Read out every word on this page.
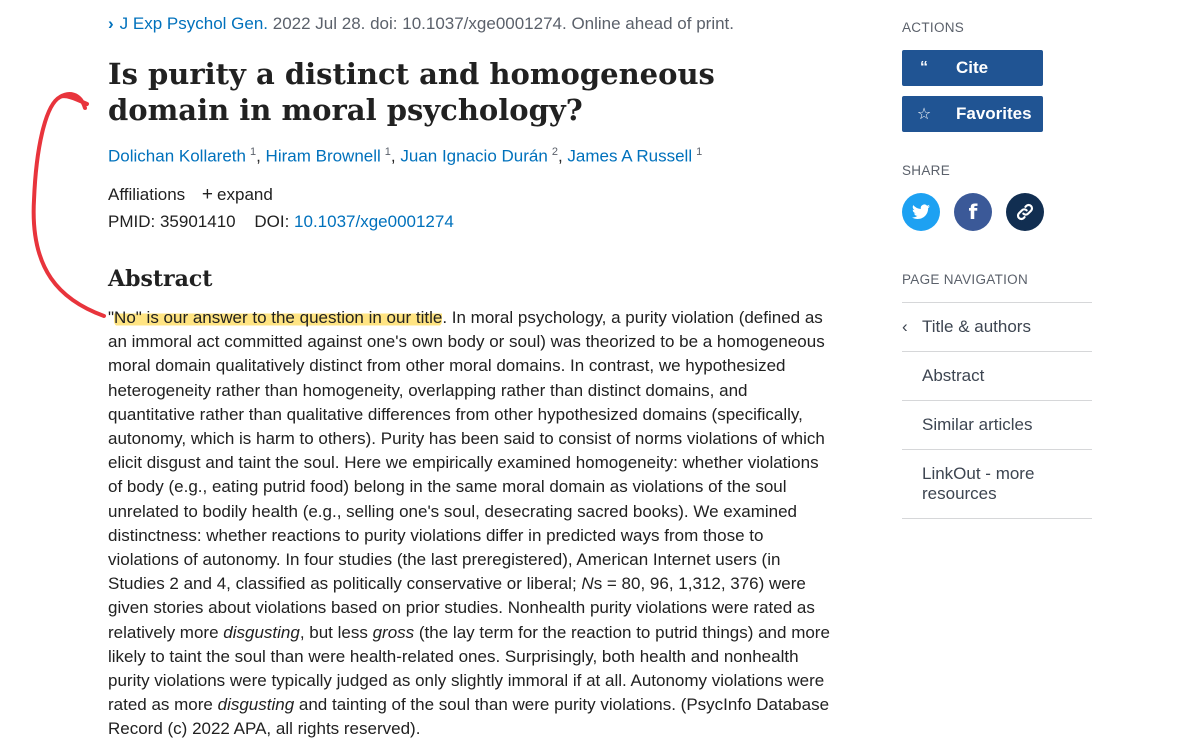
› J Exp Psychol Gen. 2022 Jul 28. doi: 10.1037/xge0001274. Online ahead of print.
Is purity a distinct and homogeneous domain in moral psychology?
Dolichan Kollareth $^1$, Hiram Brownell $^1$, Juan Ignacio Durán $^2$, James A Russell $^1$
Affiliations + expand
PMID: 35901410 DOI: 10.1037/xge0001274
Abstract

"No" is our answer to the question in our title. In moral psychology, a purity violation (defined as an immoral act committed against one's own body or soul) was theorized to be a homogeneous moral domain qualitatively distinct from other moral domains. In contrast, we hypothesized heterogeneity rather than homogeneity, overlapping rather than distinct domains, and quantitative rather than qualitative differences from other hypothesized domains (specifically, autonomy, which is harm to others). Purity has been said to consist of norms violations of which elicit disgust and taint the soul. Here we empirically examined homogeneity: whether violations of body (e.g., eating putrid food) belong in the same moral domain as violations of the soul unrelated to bodily health (e.g., selling one's soul, desecrating sacred books). We examined distinctness: whether reactions to purity violations differ in predicted ways from those to violations of autonomy. In four studies (the last preregistered), American Internet users (in Studies 2 and 4, classified as politically conservative or liberal; Ns = 80, 96, 1,312, 376) were given stories about violations based on prior studies. Nonhealth purity violations were rated as relatively more disgusting, but less gross (the lay term for the reaction to putrid things) and more likely to taint the soul than were health-related ones. Surprisingly, both health and nonhealth purity violations were typically judged as only slightly immoral if at all. Autonomy violations were rated as more disgusting and tainting of the soul than were purity violations. (PsycInfo Database Record (c) 2022 APA, all rights reserved).

ACTIONS
“	Cite
☆ Favorites
SHARE
f
PAGE NAVIGATION
‹ Title & authors
Abstract
Similar articles
LinkOut - more resources
